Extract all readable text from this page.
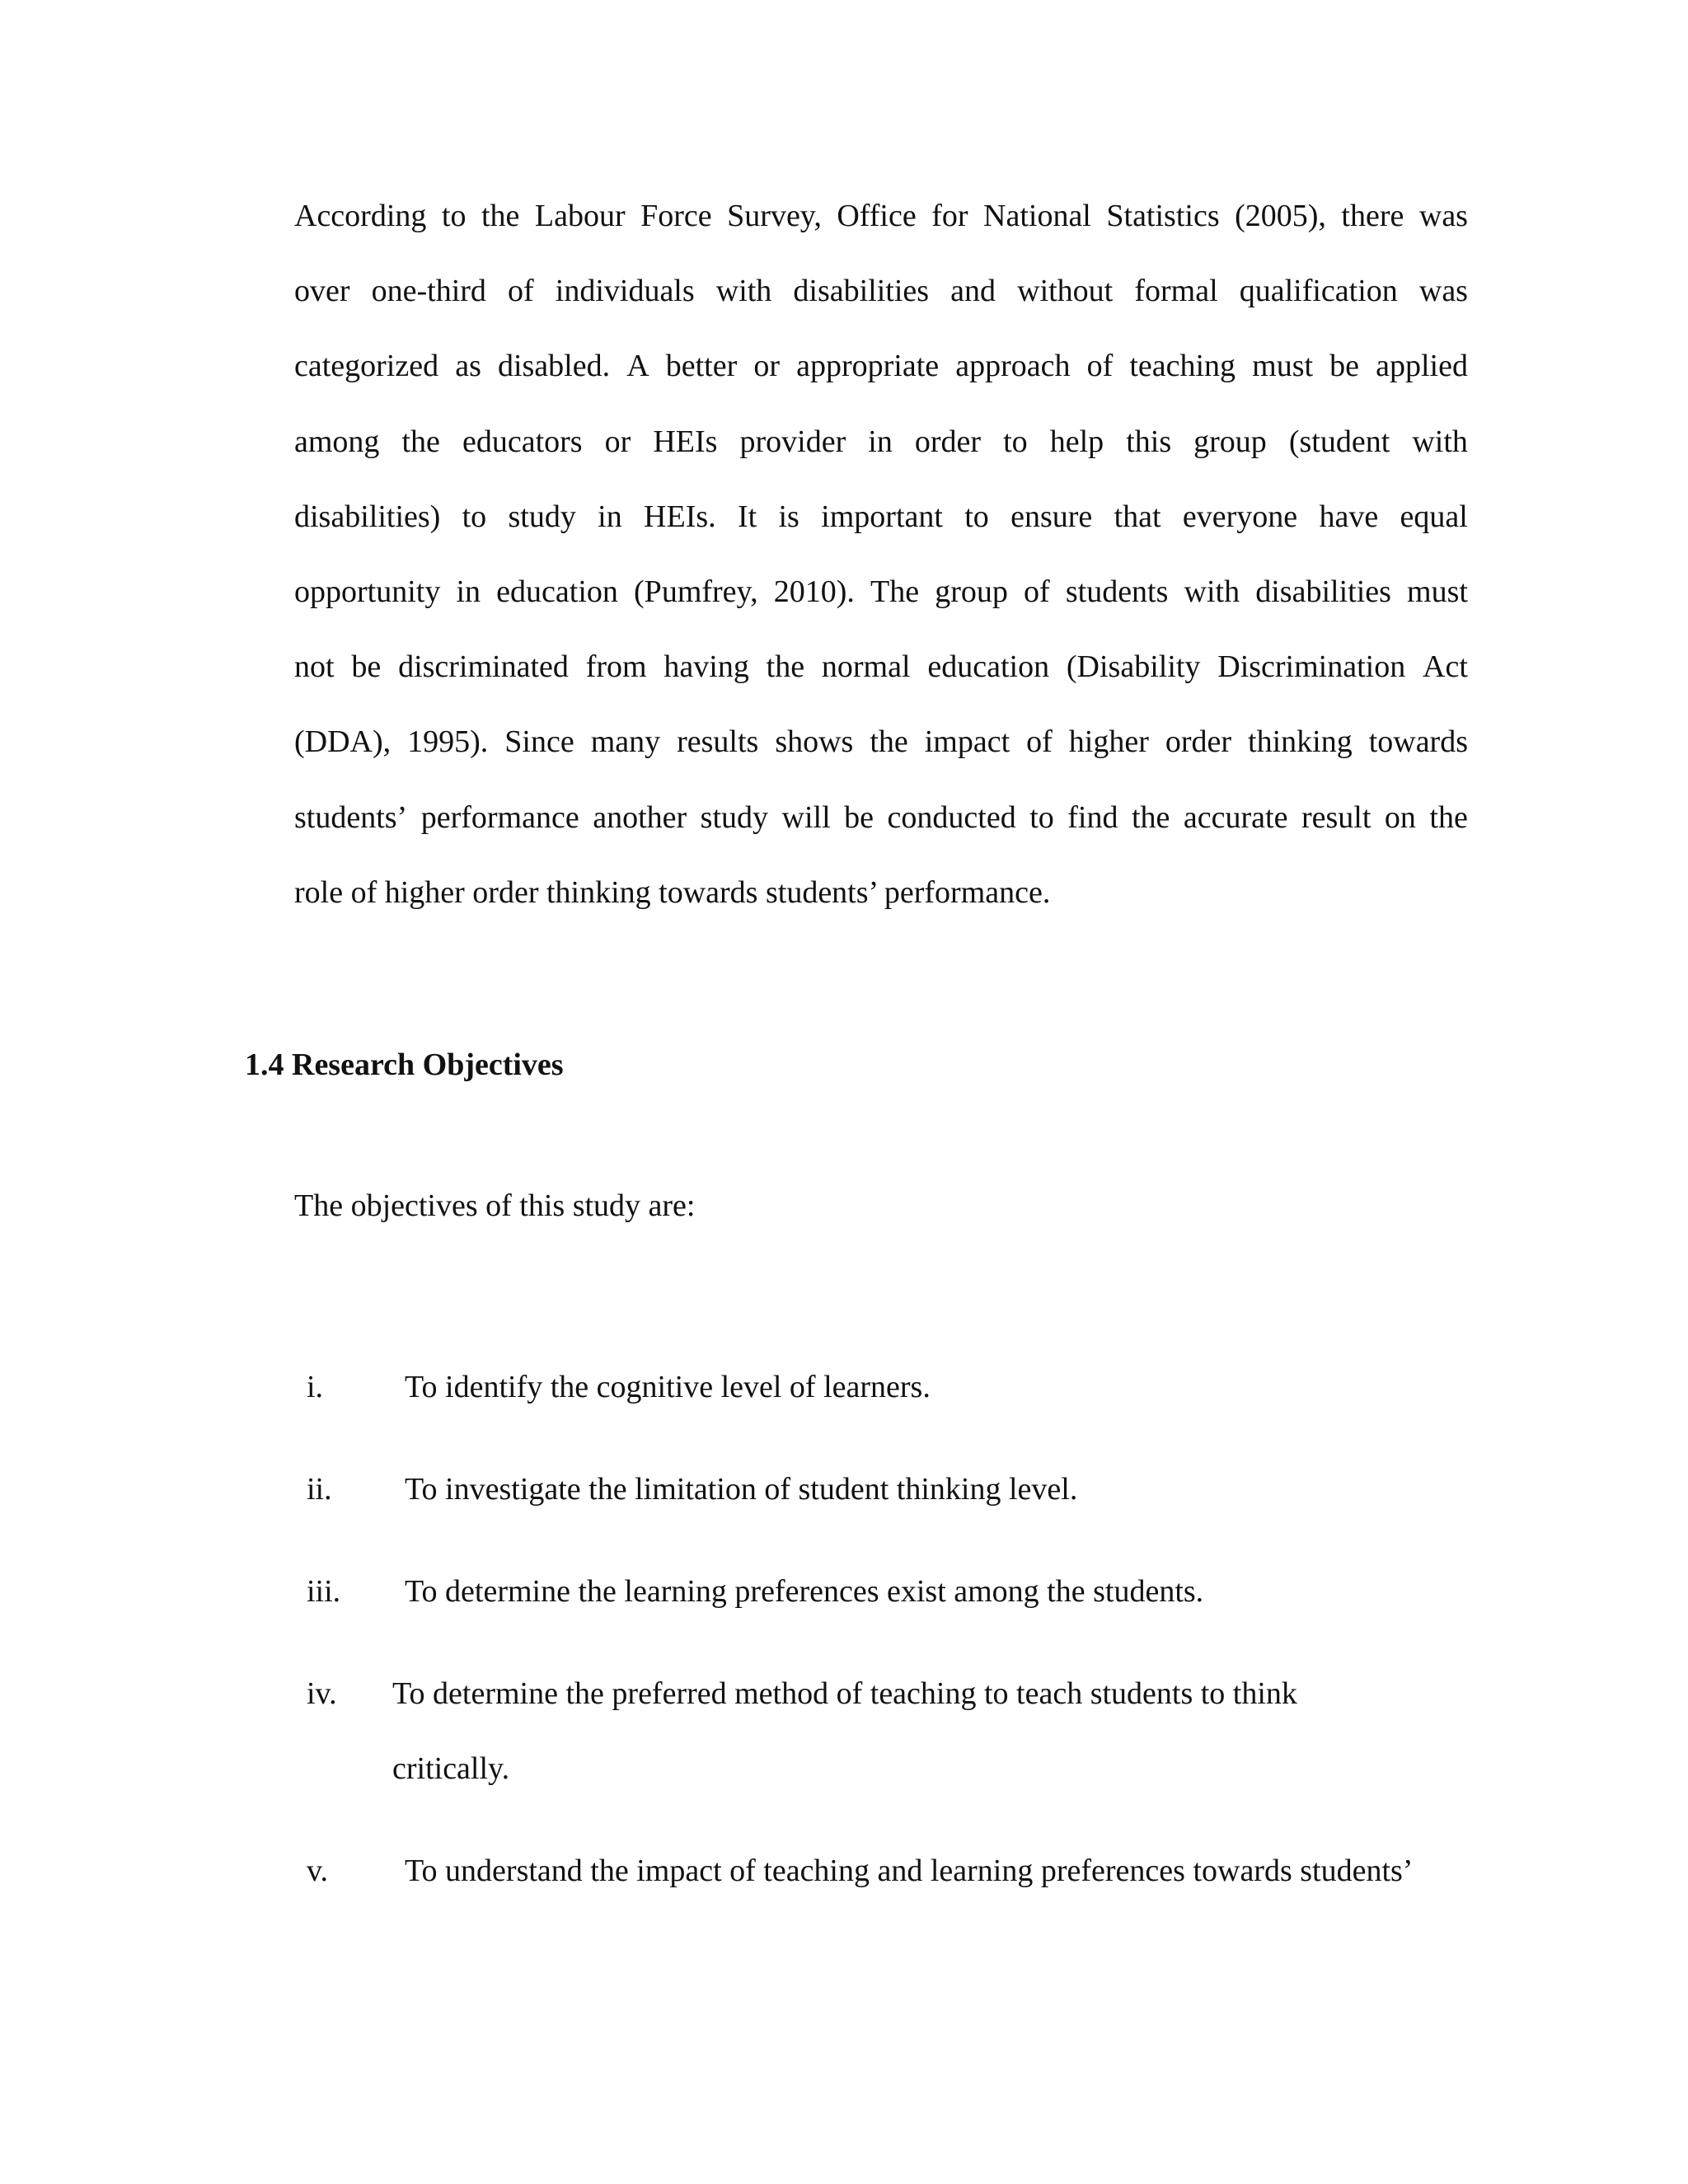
According to the Labour Force Survey, Office for National Statistics (2005), there was
over one-third of individuals with disabilities and without formal qualification was
categorized as disabled. A better or appropriate approach of teaching must be applied
among the educators or HEIs provider in order to help this group (student with
disabilities) to study in HEIs. It is important to ensure that everyone have equal
opportunity in education (Pumfrey, 2010). The group of students with disabilities must
not be discriminated from having the normal education (Disability Discrimination Act
(DDA), 1995). Since many results shows the impact of higher order thinking towards
students’ performance another study will be conducted to find the accurate result on the
role of higher order thinking towards students’ performance.
1.4 Research Objectives
The objectives of this study are:
i.	To identify the cognitive level of learners.
ii. To investigate the limitation of student thinking level.
iii. To determine the learning preferences exist among the students.
iv. To determine the preferred method of teaching to teach students to think
critically.
v. To understand the impact of teaching and learning preferences towards students’
